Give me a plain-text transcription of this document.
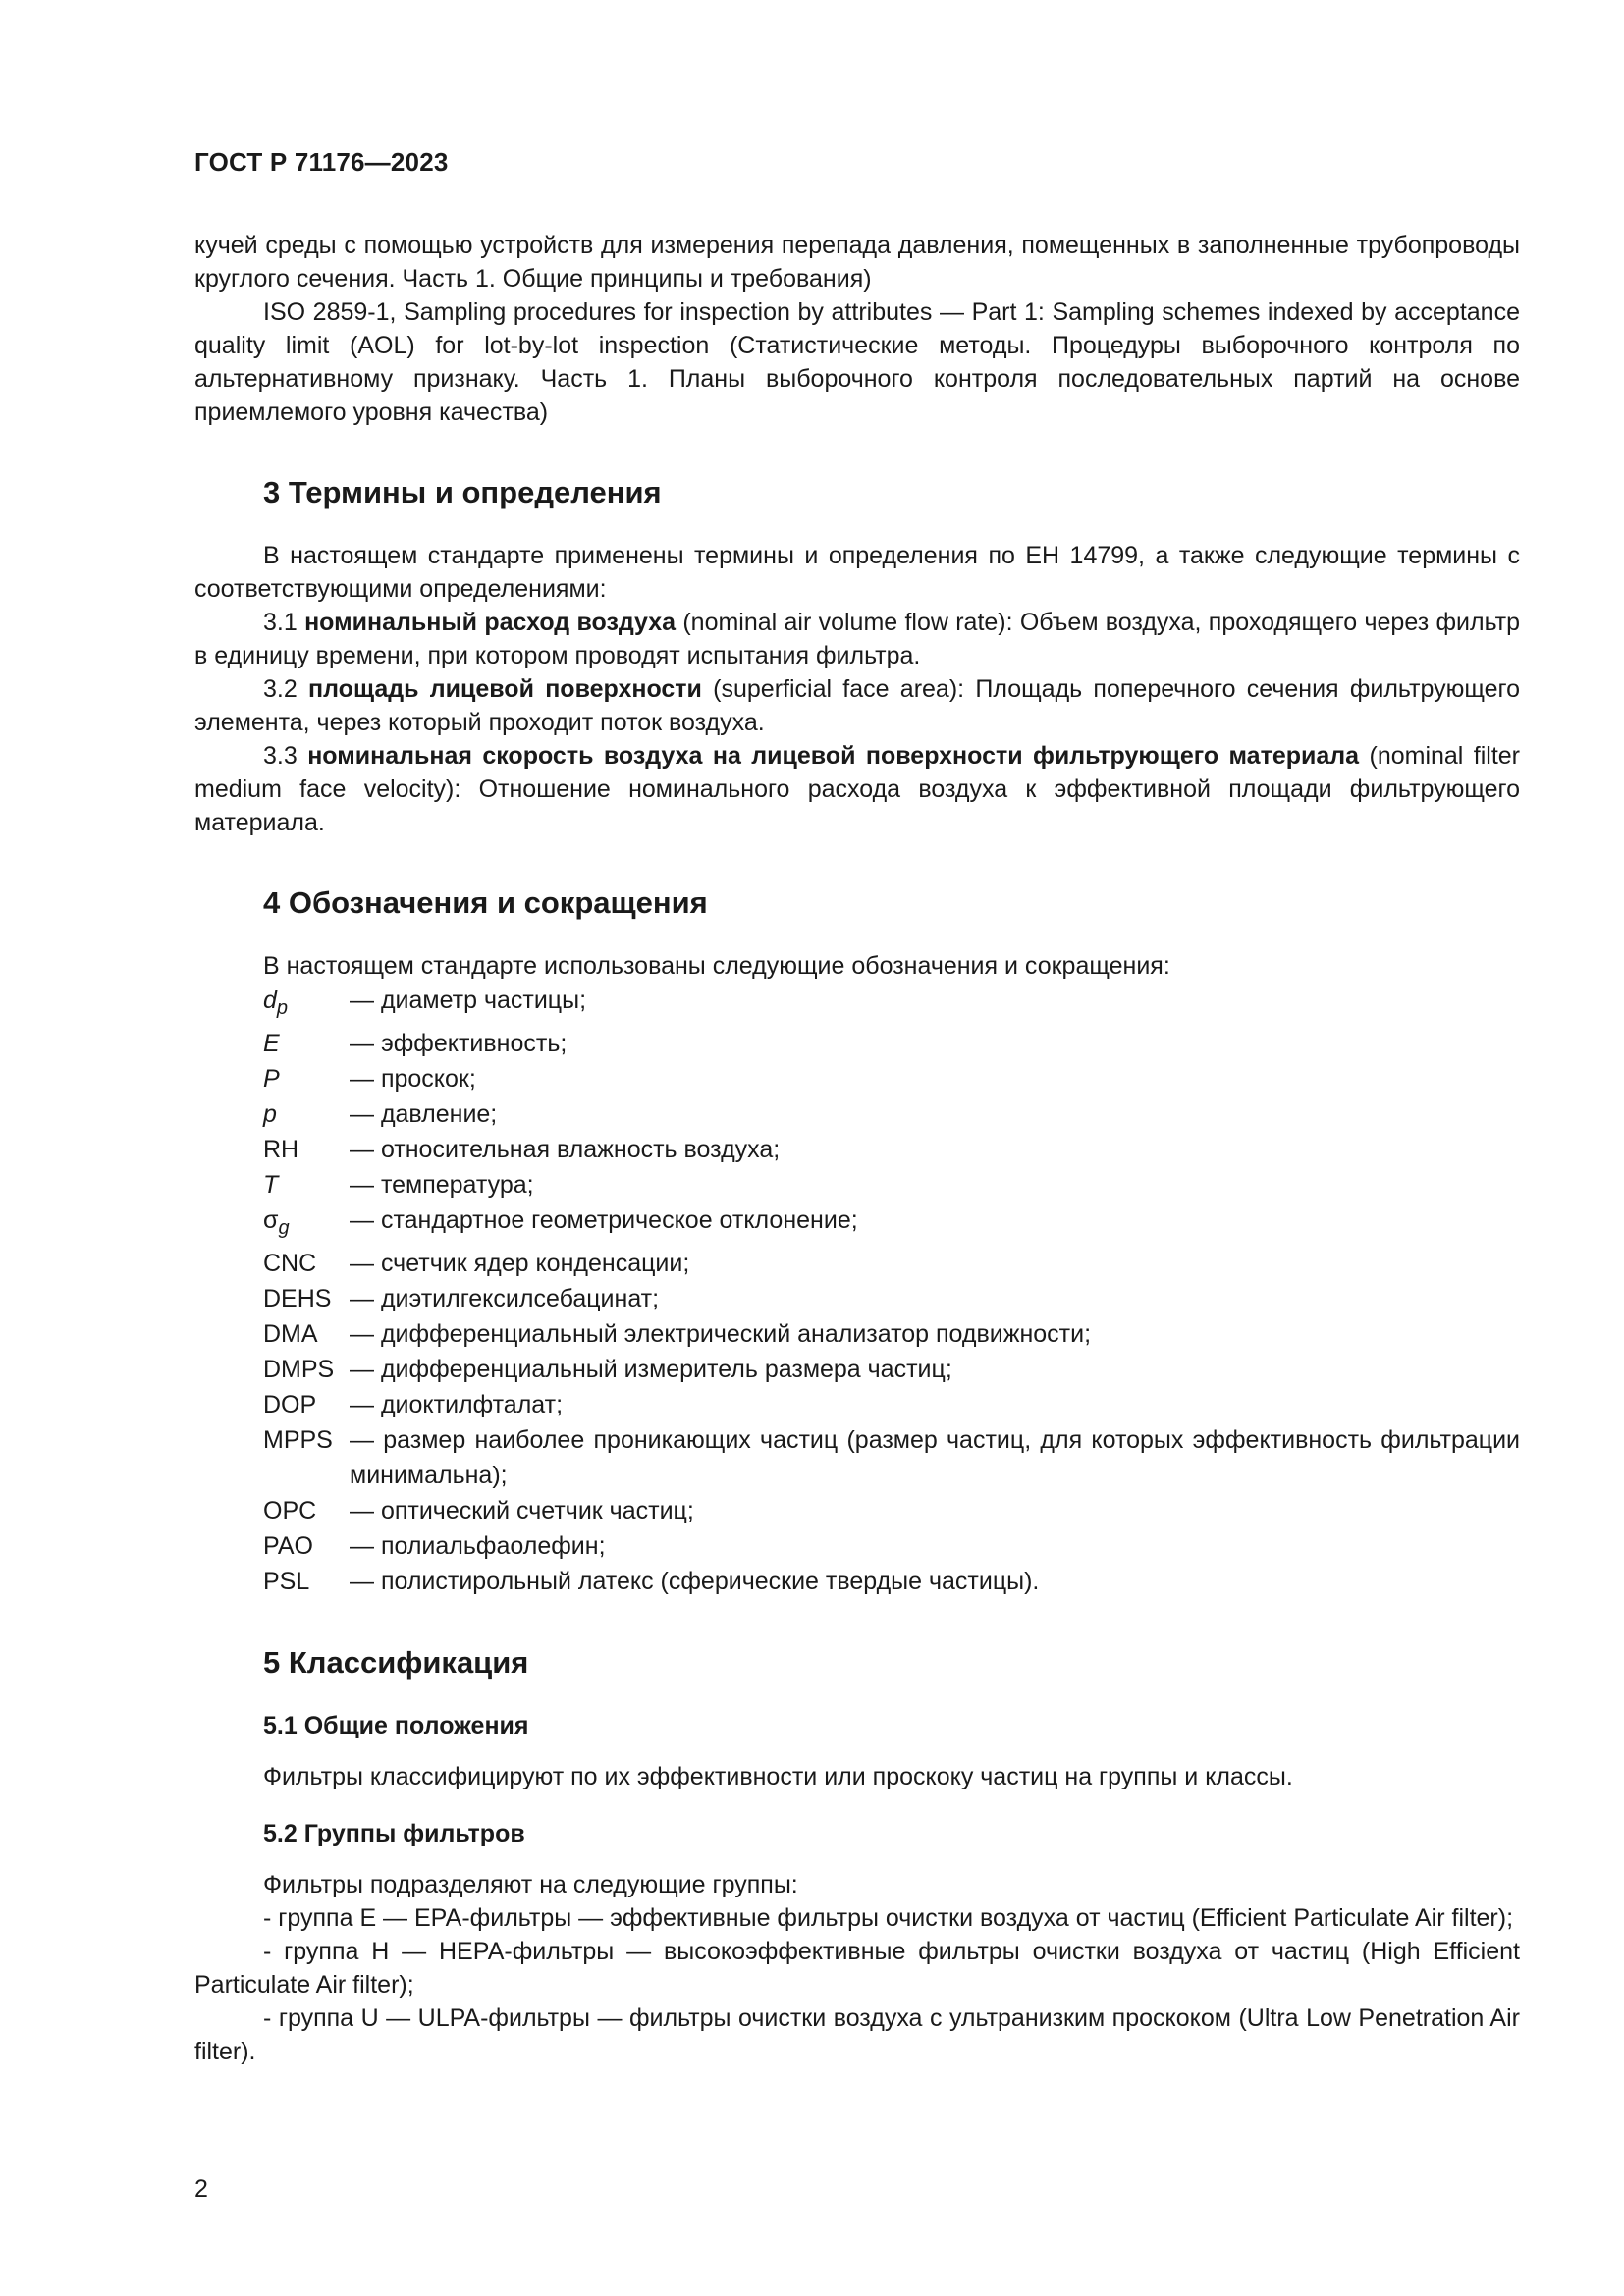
ГОСТ Р 71176—2023

кучей среды с помощью устройств для измерения перепада давления, помещенных в заполненные трубопроводы круглого сечения. Часть 1. Общие принципы и требования)

ISO 2859-1, Sampling procedures for inspection by attributes — Part 1: Sampling schemes indexed by acceptance quality limit (AOL) for lot-by-lot inspection (Статистические методы. Процедуры выборочного контроля по альтернативному признаку. Часть 1. Планы выборочного контроля последовательных партий на основе приемлемого уровня качества)

3 Термины и определения

В настоящем стандарте применены термины и определения по ЕН 14799, а также следующие термины с соответствующими определениями:

3.1 номинальный расход воздуха (nominal air volume flow rate): Объем воздуха, проходящего через фильтр в единицу времени, при котором проводят испытания фильтра.

3.2 площадь лицевой поверхности (superficial face area): Площадь поперечного сечения фильтрующего элемента, через который проходит поток воздуха.

3.3 номинальная скорость воздуха на лицевой поверхности фильтрующего материала (nominal filter medium face velocity): Отношение номинального расхода воздуха к эффективной площади фильтрующего материала.

4 Обозначения и сокращения

В настоящем стандарте использованы следующие обозначения и сокращения:

$d_p$	— диаметр частицы;
E	— эффективность;
P	— проскок;
p	— давление;
RH	— относительная влажность воздуха;
T	— температура;
$\sigma_g$	— стандартное геометрическое отклонение;
CNC	— счетчик ядер конденсации;
DEHS — диэтилгексилсебацинат;
DMA	— дифференциальный электрический анализатор подвижности;
DMPS — дифференциальный измеритель размера частиц;
DOP	— диоктилфталат;
MPPS — размер наиболее проникающих частиц (размер частиц, для которых эффективность фильтрации минимальна);
OPC	— оптический счетчик частиц;
PAO	— полиальфаолефин;
PSL	— полистирольный латекс (сферические твердые частицы).
5 Классификация
5.1 Общие положения

Фильтры классифицируют по их эффективности или проскоку частиц на группы и классы.

5.2 Группы фильтров

Фильтры подразделяют на следующие группы:

- группа Е — ЕРА-фильтры — эффективные фильтры очистки воздуха от частиц (Efficient Particulate Air filter);

- группа Н — НЕРА-фильтры — высокоэффективные фильтры очистки воздуха от частиц (High Efficient Particulate Air filter);

- группа U — ULPA-фильтры — фильтры очистки воздуха с ультранизким проскоком (Ultra Low Penetration Air filter).

2
